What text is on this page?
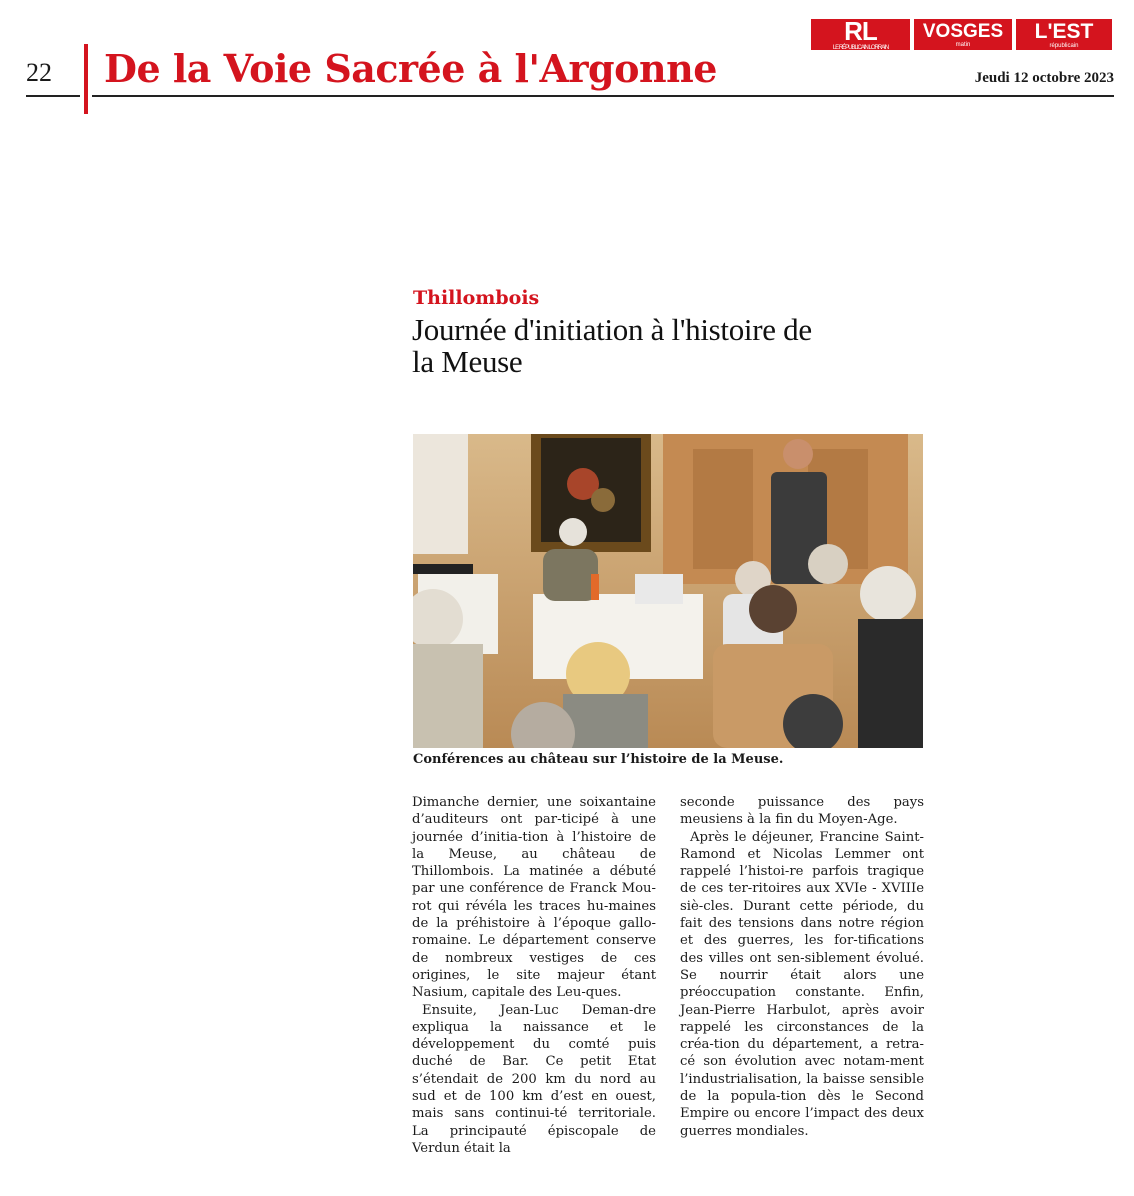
22 De la Voie Sacrée à l'Argonne	Jeudi 12 octobre 2023
RL
LE RÉPUBLICAIN LORRAIN
VOSGES
matin
L'EST
républicain
Thillombois
Journée d'initiation à l'histoire de la Meuse
Conférences au château sur l’histoire de la Meuse.

Dimanche dernier, une soixantaine d’auditeurs ont par-ticipé à une journée d’initia-tion à l’histoire de la Meuse, au château de Thillombois. La matinée a débuté par une conférence de Franck Mou-rot qui révéla les traces hu-maines de la préhistoire à l’époque gallo-romaine. Le département conserve de nombreux vestiges de ces origines, le site majeur étant Nasium, capitale des Leu-ques.

Ensuite, Jean-Luc Deman-dre expliqua la naissance et le développement du comté puis duché de Bar. Ce petit Etat s’étendait de 200 km du nord au sud et de 100 km d’est en ouest, mais sans continui-té territoriale. La principauté épiscopale de Verdun était la

seconde puissance des pays meusiens à la fin du Moyen-Age.

Après le déjeuner, Francine Saint-Ramond et Nicolas Lemmer ont rappelé l’histoi-re parfois tragique de ces ter-ritoires aux XVIe - XVIIIe siè-cles. Durant cette période, du fait des tensions dans notre région et des guerres, les for-tifications des villes ont sen-siblement évolué. Se nourrir était alors une préoccupation constante. Enfin, Jean-Pierre Harbulot, après avoir rappelé les circonstances de la créa-tion du département, a retra-cé son évolution avec notam-ment l’industrialisation, la baisse sensible de la popula-tion dès le Second Empire ou encore l’impact des deux guerres mondiales.
